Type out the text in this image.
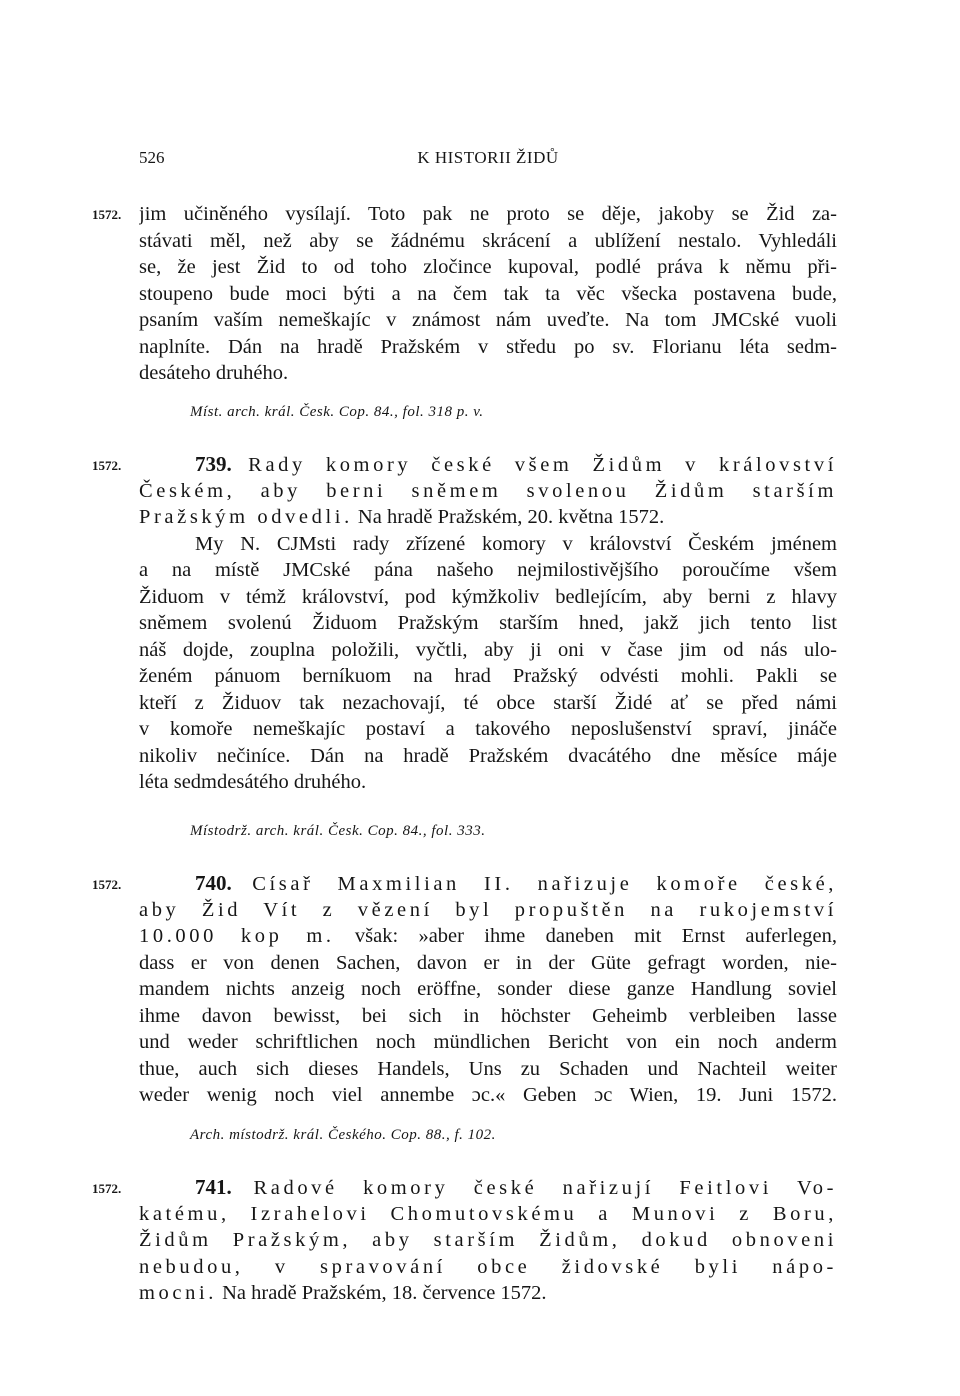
526	K HISTORII ŽIDŮ
1572. jim učiněného vysílají. Toto pak ne proto se děje, jakoby se Žid za-
stávati měl, než aby se žádnému skrácení a ublížení nestalo. Vyhledáli
se, že jest Žid to od toho zločince kupoval, podlé práva k němu při-
stoupeno bude moci býti a na čem tak ta věc všecka postavena bude,
psaním vaším nemeškajíc v známost nám uveďte. Na tom JMCské vuoli
naplníte. Dán na hradě Pražském v středu po sv. Florianu léta sedm-
desáteho druhého.
Míst. arch. král. Česk. Cop. 84., fol. 318 p. v.
1572.	739. Rady komory české všem Židům v království
Českém, aby berni sněmem svolenou Židům starším
Pražským odvedli. Na hradě Pražském, 20. května 1572.
My N. CJMsti rady zřízené komory v království Českém jménem
a na místě JMCské pána našeho nejmilostivějšího poroučíme všem
Židuom v témž království, pod kýmžkoliv bedlejícím, aby berni z hlavy
sněmem svolenú Židuom Pražským starším hned, jakž jich tento list
náš dojde, zouplna položili, vyčtli, aby ji oni v čase jim od nás ulo-
ženém pánuom berníkuom na hrad Pražský odvésti mohli. Pakli se
kteří z Židuov tak nezachovají, té obce starší Židé ať se před námi
v komoře nemeškajíc postaví a takového neposlušenství spraví, jináče
nikoliv nečiníce. Dán na hradě Pražském dvacátého dne měsíce máje
léta sedmdesátého druhého.
Místodrž. arch. král. Česk. Cop. 84., fol. 333.
1572.	740. Císař Maxmilian II. nařizuje komoře české,
aby Žid Vít z vězení byl propuštěn na rukojemství
10.000 kop m. však: »aber ihme daneben mit Ernst auferlegen,
dass er von denen Sachen, davon er in der Güte gefragt worden, nie-
mandem nichts anzeig noch eröffne, sonder diese ganze Handlung soviel
ihme davon bewisst, bei sich in höchster Geheimb verbleiben lasse
und weder schriftlichen noch mündlichen Bericht von ein noch anderm
thue, auch sich dieses Handels, Uns zu Schaden und Nachteil weiter
weder wenig noch viel annembe ɔc.« Geben ɔc Wien, 19. Juni 1572.
Arch. místodrž. král. Českého. Cop. 88., f. 102.
1572.	741. Radové komory české nařizují Feitlovi Vo-
katému, Izrahelovi Chomutovskému a Munovi z Boru,
Židům Pražským, aby starším Židům, dokud obnoveni
nebudou, v spravování obce židovské byli nápo-
mocni. Na hradě Pražském, 18. července 1572.
